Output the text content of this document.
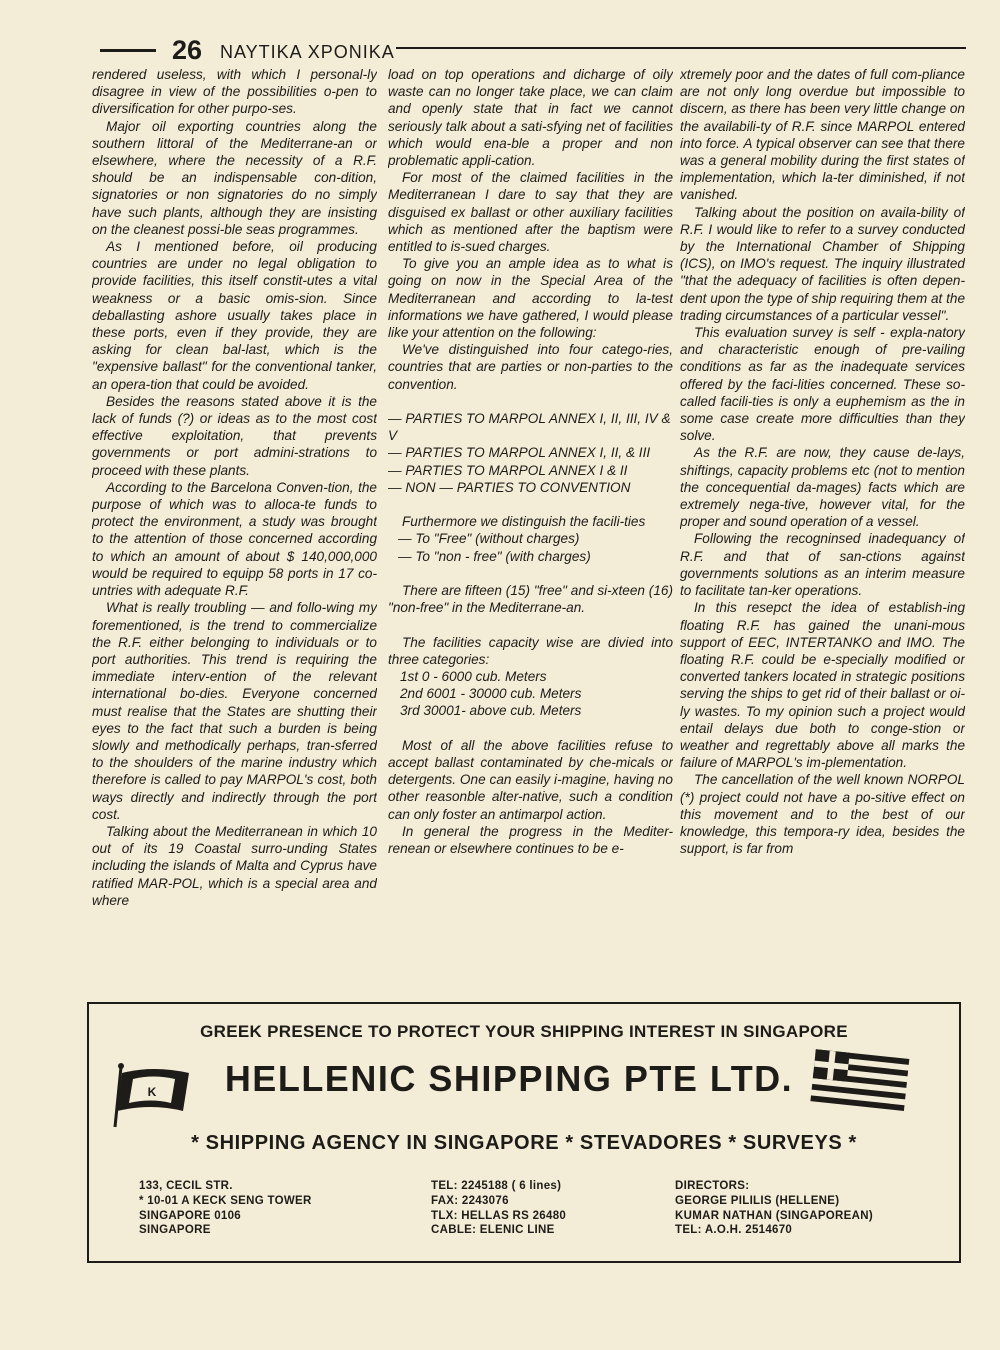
26 ΝΑΥΤΙΚΑ ΧΡΟΝΙΚΑ

rendered useless, with which I personal-ly disagree in view of the possibilities o-pen to diversification for other purpo-ses.

Major oil exporting countries along the southern littoral of the Mediterrane-an or elsewhere, where the necessity of a R.F. should be an indispensable con-dition, signatories or non signatories do no simply have such plants, although they are insisting on the cleanest possi-ble seas programmes.

As I mentioned before, oil producing countries are under no legal obligation to provide facilities, this itself constit-utes a vital weakness or a basic omis-sion. Since deballasting ashore usually takes place in these ports, even if they provide, they are asking for clean bal-last, which is the "expensive ballast" for the conventional tanker, an opera-tion that could be avoided.

Besides the reasons stated above it is the lack of funds (?) or ideas as to the most cost effective exploitation, that prevents governments or port admini-strations to proceed with these plants.

According to the Barcelona Conven-tion, the purpose of which was to alloca-te funds to protect the environment, a study was brought to the attention of those concerned according to which an amount of about $ 140,000,000 would be required to equipp 58 ports in 17 co-untries with adequate R.F.

What is really troubling — and follo-wing my forementioned, is the trend to commercialize the R.F. either belonging to individuals or to port authorities. This trend is requiring the immediate interv-ention of the relevant international bo-dies. Everyone concerned must realise that the States are shutting their eyes to the fact that such a burden is being slowly and methodically perhaps, tran-sferred to the shoulders of the marine industry which therefore is called to pay MARPOL's cost, both ways directly and indirectly through the port cost.

Talking about the Mediterranean in which 10 out of its 19 Coastal surro-unding States including the islands of Malta and Cyprus have ratified MAR-POL, which is a special area and where

load on top operations and dicharge of oily waste can no longer take place, we can claim and openly state that in fact we cannot seriously talk about a sati-sfying net of facilities which would ena-ble a proper and non problematic appli-cation.

For most of the claimed facilities in the Mediterranean I dare to say that they are disguised ex ballast or other auxiliary facilities which as mentioned after the baptism were entitled to is-sued charges.

To give you an ample idea as to what is going on now in the Special Area of the Mediterranean and according to la-test informations we have gathered, I would please like your attention on the following:

We've distinguished into four catego-ries, countries that are parties or non-parties to the convention.

— PARTIES TO MARPOL ANNEX I, II, III, IV & V

— PARTIES TO MARPOL ANNEX I, II, & III

— PARTIES TO MARPOL ANNEX I & II

— NON — PARTIES TO CONVENTION

Furthermore we distinguish the facili-ties

— To "Free" (without charges)

— To "non - free" (with charges)

There are fifteen (15) "free" and si-xteen (16) "non-free" in the Mediterrane-an.

The facilities capacity wise are divied into three categories:

1st 0 - 6000 cub. Meters

2nd 6001 - 30000 cub. Meters

3rd 30001- above cub. Meters

Most of all the above facilities refuse to accept ballast contaminated by che-micals or detergents. One can easily i-magine, having no other reasonble alter-native, such a condition can only foster an antimarpol action.

In general the progress in the Mediter-renean or elsewhere continues to be e-

xtremely poor and the dates of full com-pliance are not only long overdue but impossible to discern, as there has been very little change on the availabili-ty of R.F. since MARPOL entered into force. A typical observer can see that there was a general mobility during the first states of implementation, which la-ter diminished, if not vanished.

Talking about the position on availa-bility of R.F. I would like to refer to a survey conducted by the International Chamber of Shipping (ICS), on IMO's request. The inquiry illustrated "that the adequacy of facilities is often depen-dent upon the type of ship requiring them at the trading circumstances of a particular vessel".

This evaluation survey is self - expla-natory and characteristic enough of pre-vailing conditions as far as the inadequate services offered by the faci-lities concerned. These so-called facili-ties is only a euphemism as the in some case create more difficulties than they solve.

As the R.F. are now, they cause de-lays, shiftings, capacity problems etc (not to mention the concequential da-mages) facts which are extremely nega-tive, however vital, for the proper and sound operation of a vessel.

Following the recogninsed inadequancy of R.F. and that of san-ctions against governments solutions as an interim measure to facilitate tan-ker operations.

In this resepct the idea of establish-ing floating R.F. has gained the unani-mous support of EEC, INTERTANKO and IMO. The floating R.F. could be e-specially modified or converted tankers located in strategic positions serving the ships to get rid of their ballast or oi-ly wastes. To my opinion such a project would entail delays due both to conge-stion or weather and regrettably above all marks the failure of MARPOL's im-plementation.

The cancellation of the well known NORPOL (*) project could not have a po-sitive effect on this movement and to the best of our knowledge, this tempora-ry idea, besides the support, is far from

GREEK PRESENCE TO PROTECT YOUR SHIPPING INTEREST IN SINGAPORE
K	HELLENIC SHIPPING PTE LTD.
* SHIPPING AGENCY IN SINGAPORE * STEVADORES * SURVEYS *
133, CECIL STR.
* 10-01 A KECK SENG TOWER
SINGAPORE 0106
SINGAPORE
TEL: 2245188 ( 6 lines)
FAX: 2243076
TLX: HELLAS RS 26480
CABLE: ELENIC LINE
DIRECTORS:
GEORGE PILILIS (HELLENE)
KUMAR NATHAN (SINGAPOREAN)
TEL: A.O.H. 2514670
